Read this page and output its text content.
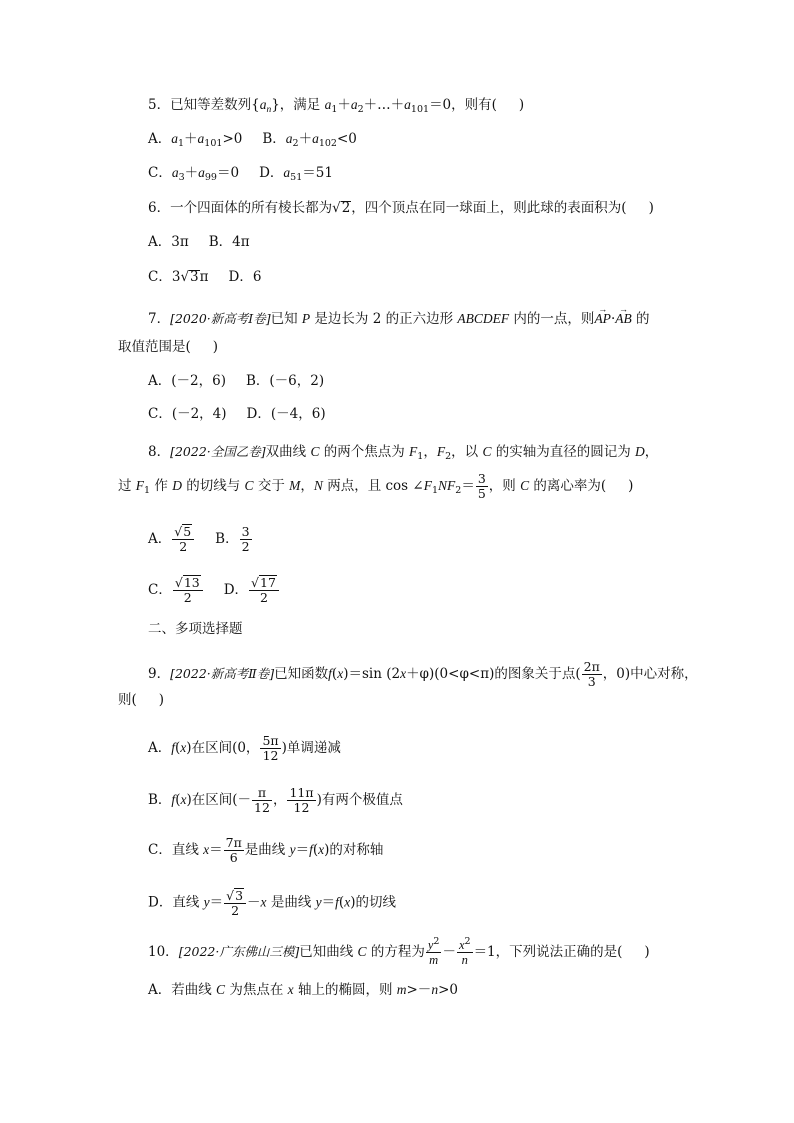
5．已知等差数列$\{a_n\}$，满足 $a_1+a_2+\dots+a_{101}=0$，则有( )
A．$a_1+a_{101}>0$ B．$a_2+a_{102}<0$
C．$a_3+a_{99}=0$ D．$a_{51}=51$
6．一个四面体的所有棱长都为√2，四个顶点在同一球面上，则此球的表面积为( )
A．3π B．4π
C．3√3π D．6
7．[2020·新高考Ⅰ卷]已知 P 是边长为 2 的正六边形 ABCDEF 内的一点，则→ AP·→ AB 的
取值范围是( )
A．(－2，6) B．(－6，2)
C．(－2，4) D．(－4，6)
8．[2022·全国乙卷]双曲线 C 的两个焦点为 $F_1$，$F_2$，以 C 的实轴为直径的圆记为 D，
过 $F_1$ 作 D 的切线与 C 交于 M，N 两点，且 $\cos \angle F_1NF_2= \frac{3}{5}$ ，则 C 的离心率为( )
A． $\frac{√5}{2}$ B． $\frac{3}{2}$
C． $\frac{√13}{2}$ D． $\frac{√17}{2}$
二、多项选择题
9．[2022·新高考Ⅱ卷]已知函数f(x)＝sin (2x＋φ)(0<φ<π)的图象关于点( $\frac{2\pi}{3}$ ，0)中心对称，
则( )
A．f(x)在区间(0， $\frac{5\pi}{12}$ )单调递减
B．f(x)在区间(－ $\frac{\pi}{12}$ ， $\frac{11\pi}{12}$ )有两个极值点
C．直线 $x= \frac{7\pi}{6}$ 是曲线 y＝f(x)的对称轴
D．直线 $y= \frac{√3}{2} -x$ 是曲线 y＝f(x)的切线
10．[2022·广东佛山三模]已知曲线 C 的方程为 $\frac{y^2}{m} - \frac{x^2}{n} =1$，下列说法正确的是( )
A．若曲线 C 为焦点在 x 轴上的椭圆，则 m>－n>0
